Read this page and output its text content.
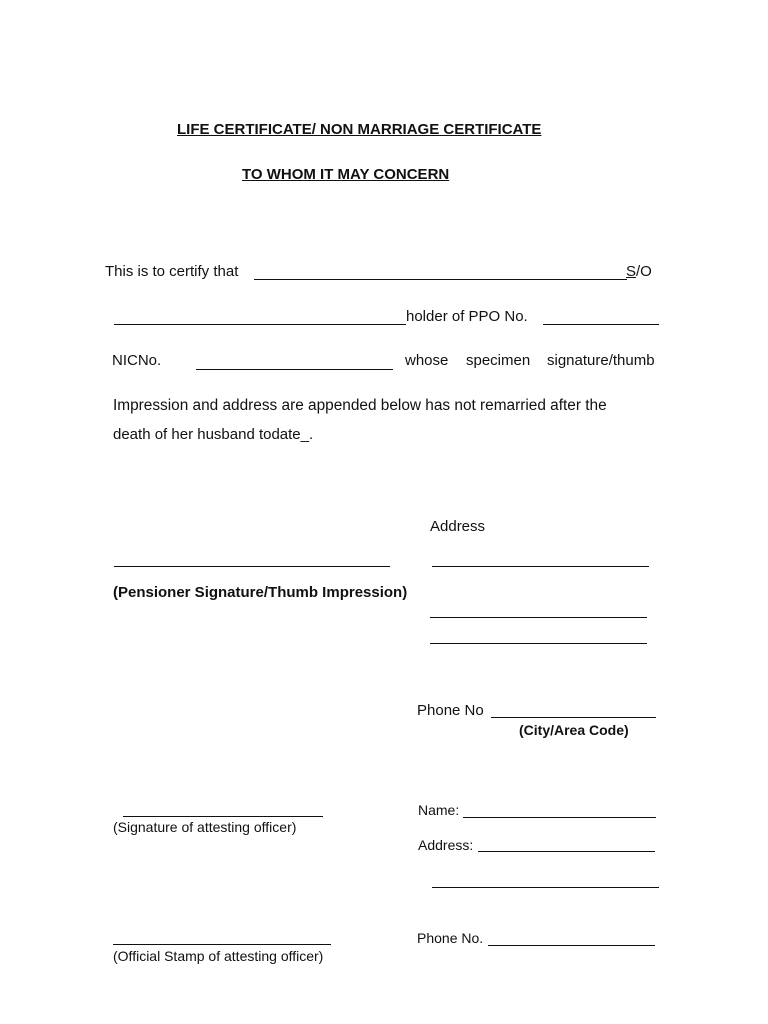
LIFE CERTIFICATE/ NON MARRIAGE CERTIFICATE
TO WHOM IT MAY CONCERN
This is to certify that	S/O
holder of PPO No.
NICNo.	whose specimen signature/thumb
Impression and address are appended below has not remarried after the
death of her husband todate_.
Address
(Pensioner Signature/Thumb Impression)
Phone No
(City/Area Code)
Name:
(Signature of attesting officer)
Address:
Phone No.
(Official Stamp of attesting officer)
